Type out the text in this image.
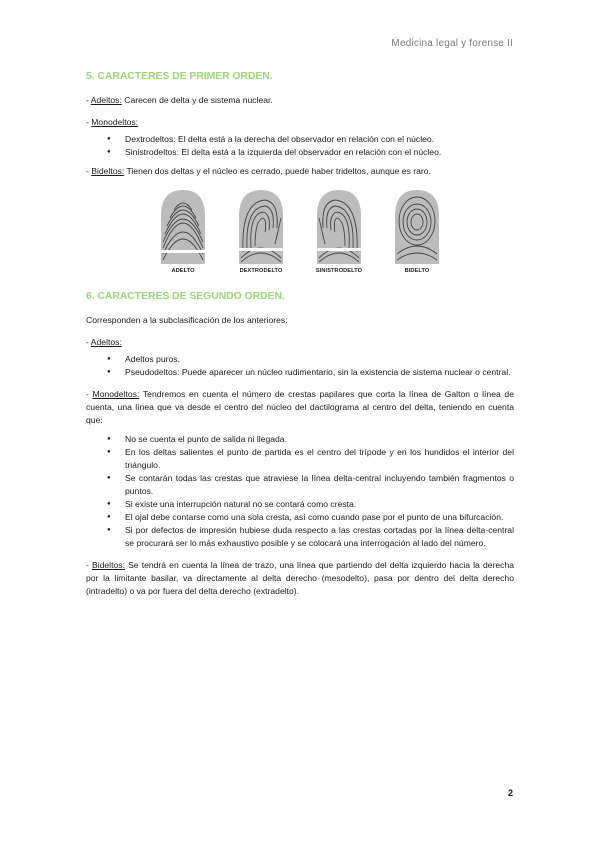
Medicina legal y forense II
5. CARACTERES DE PRIMER ORDEN.

- Adeltos: Carecen de delta y de sistema nuclear.

- Monodeltos:

● Dextrodeltos: El delta está a la derecha del observador en relación con el núcleo.
● Sinistrodeltos: El delta está a la izquierda del observador en relación con el núcleo.

- Bideltos: Tienen dos deltas y el núcleo es cerrado, puede haber trideltos, aunque es raro.

ADELTO	DEXTRODELTO	SINISTRODELTO	BIDELTO
6. CARACTERES DE SEGUNDO ORDEN.

Corresponden a la subclasificación de los anteriores:

- Adeltos:

● Adeltos puros.
● Pseudodeltos: Puede aparecer un núcleo rudimentario, sin la existencia de sistema nuclear o central.

- Monodeltos: Tendremos en cuenta el número de crestas papilares que corta la línea de Galton o línea de cuenta, una línea que va desde el centro del núcleo del dactilograma al centro del delta, teniendo en cuenta que:

● No se cuenta el punto de salida ni llegada.
● En los deltas salientes el punto de partida es el centro del trípode y en los hundidos el interior del triángulo.
● Se contarán todas las crestas que atraviese la línea delta-central incluyendo también fragmentos o puntos.
● Si existe una interrupción natural no se contará como cresta.
● El ojal debe contarse como una sola cresta, así como cuando pase por el punto de una bifurcación.
● Si por defectos de impresión hubiese duda respecto a las crestas cortadas por la línea delta-central se procurará ser lo más exhaustivo posible y se colocará una interrogación al lado del número.

- Bideltos: Se tendrá en cuenta la línea de trazo, una línea que partiendo del delta izquierdo hacia la derecha por la limitante basilar, va directamente al delta derecho (mesodelto), pasa por dentro del delta derecho (intradelto) o va por fuera del delta derecho (extradelto).

2
